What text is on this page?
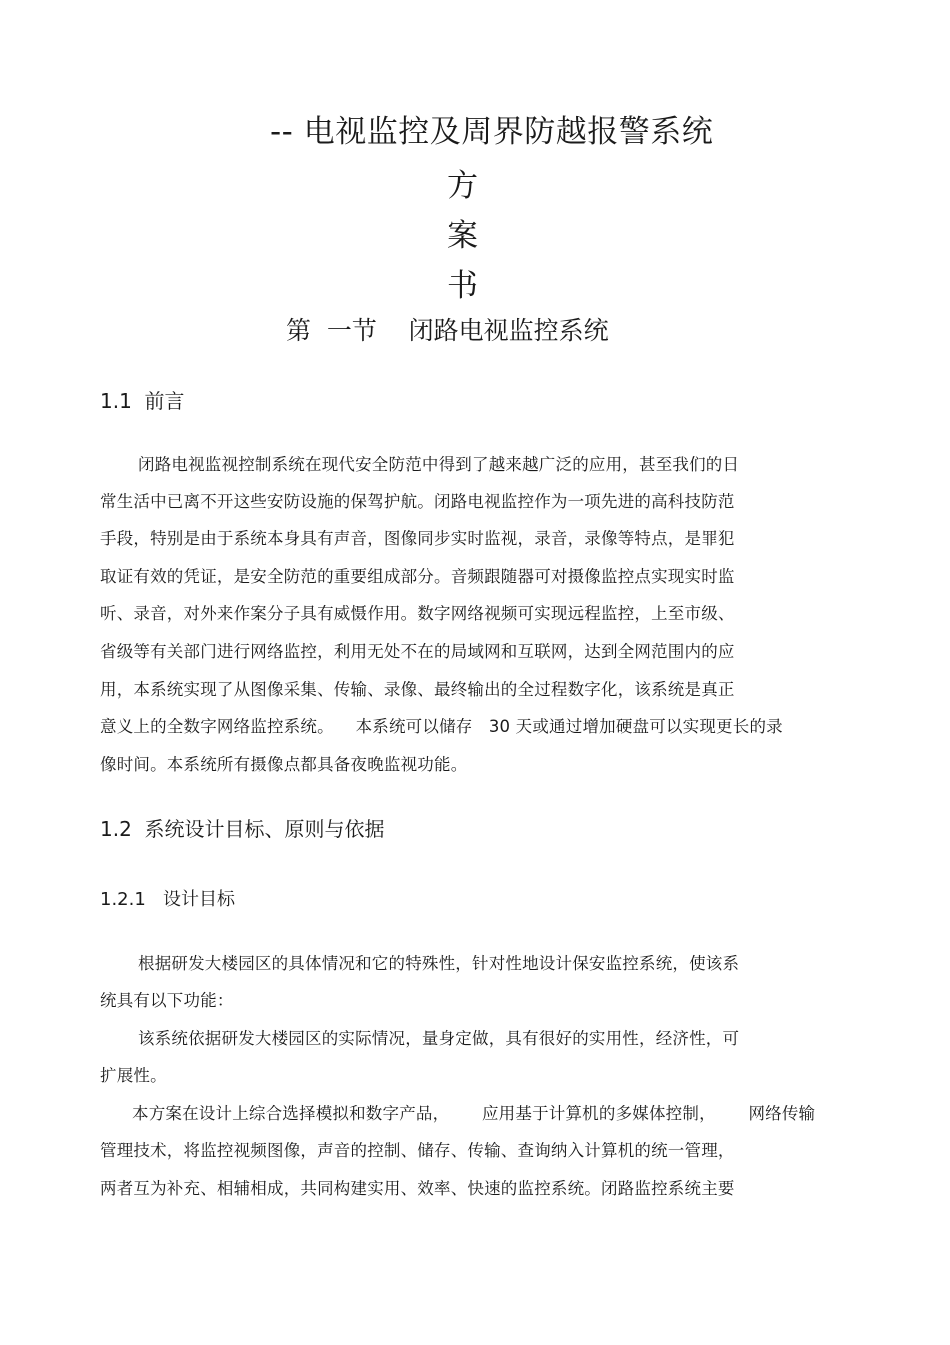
-- 电视监控及周界防越报警系统
方
案
书
第  一节    闭路电视监控系统
1.1  前言
闭路电视监视控制系统在现代安全防范中得到了越来越广泛的应用，甚至我们的日
常生活中已离不开这些安防设施的保驾护航。闭路电视监控作为一项先进的高科技防范
手段，特别是由于系统本身具有声音，图像同步实时监视，录音，录像等特点，是罪犯
取证有效的凭证，是安全防范的重要组成部分。音频跟随器可对摄像监控点实现实时监
听、录音，对外来作案分子具有威慑作用。数字网络视频可实现远程监控，上至市级、
省级等有关部门进行网络监控，利用无处不在的局域网和互联网，达到全网范围内的应
用，本系统实现了从图像采集、传输、录像、最终输出的全过程数字化，该系统是真正
意义上的全数字网络监控系统。    本系统可以储存   30 天或通过增加硬盘可以实现更长的录
像时间。本系统所有摄像点都具备夜晚监视功能。
1.2  系统设计目标、原则与依据
1.2.1   设计目标
根据研发大楼园区的具体情况和它的特殊性，针对性地设计保安监控系统，使该系
统具有以下功能：
该系统依据研发大楼园区的实际情况，量身定做，具有很好的实用性，经济性，可
扩展性。
本方案在设计上综合选择模拟和数字产品，      应用基于计算机的多媒体控制，      网络传输
管理技术，将监控视频图像，声音的控制、储存、传输、查询纳入计算机的统一管理，
两者互为补充、相辅相成，共同构建实用、效率、快速的监控系统。闭路监控系统主要
